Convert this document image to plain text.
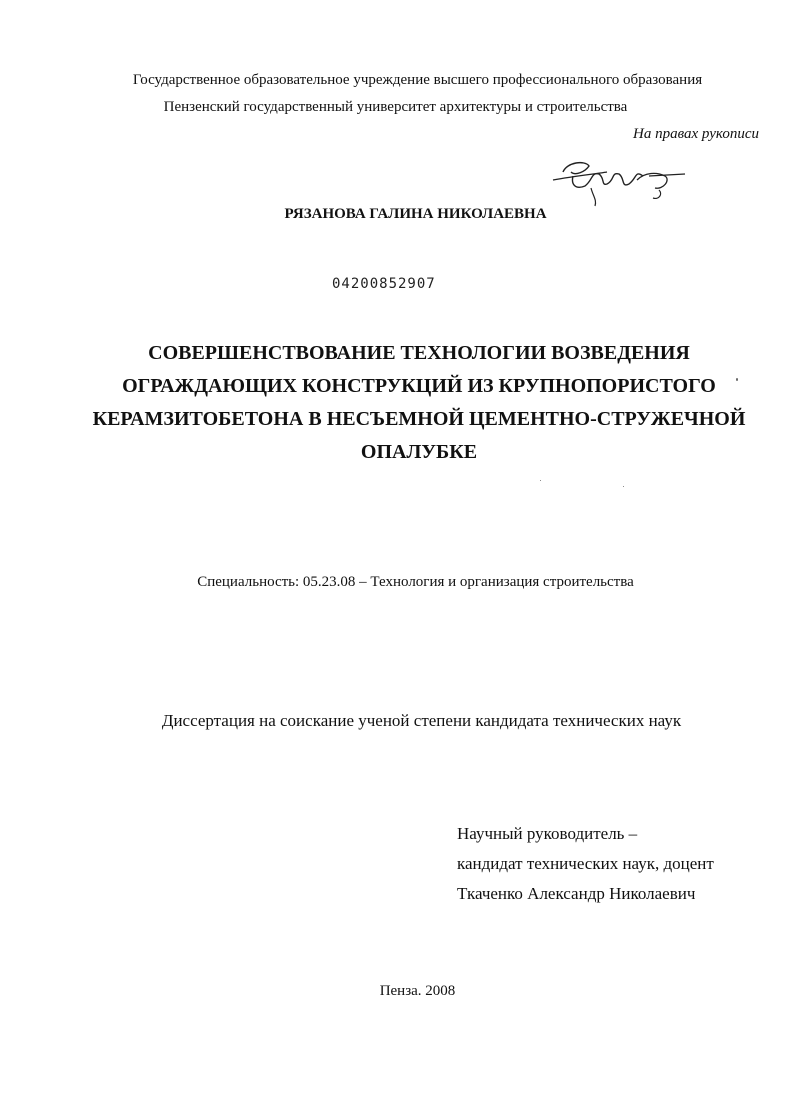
Государственное образовательное учреждение высшего профессионального образования
Пензенский государственный университет архитектуры и строительства
На правах рукописи
РЯЗАНОВА ГАЛИНА НИКОЛАЕВНА
04200852907
СОВЕРШЕНСТВОВАНИЕ ТЕХНОЛОГИИ ВОЗВЕДЕНИЯ
ОГРАЖДАЮЩИХ КОНСТРУКЦИЙ ИЗ КРУПНОПОРИСТОГО
КЕРАМЗИТОБЕТОНА В НЕСЪЕМНОЙ ЦЕМЕНТНО-СТРУЖЕЧНОЙ
ОПАЛУБКЕ
Специальность: 05.23.08 – Технология и организация строительства
Диссертация на соискание ученой степени кандидата технических наук
Научный руководитель –
кандидат технических наук, доцент
Ткаченко Александр Николаевич
Пенза. 2008
